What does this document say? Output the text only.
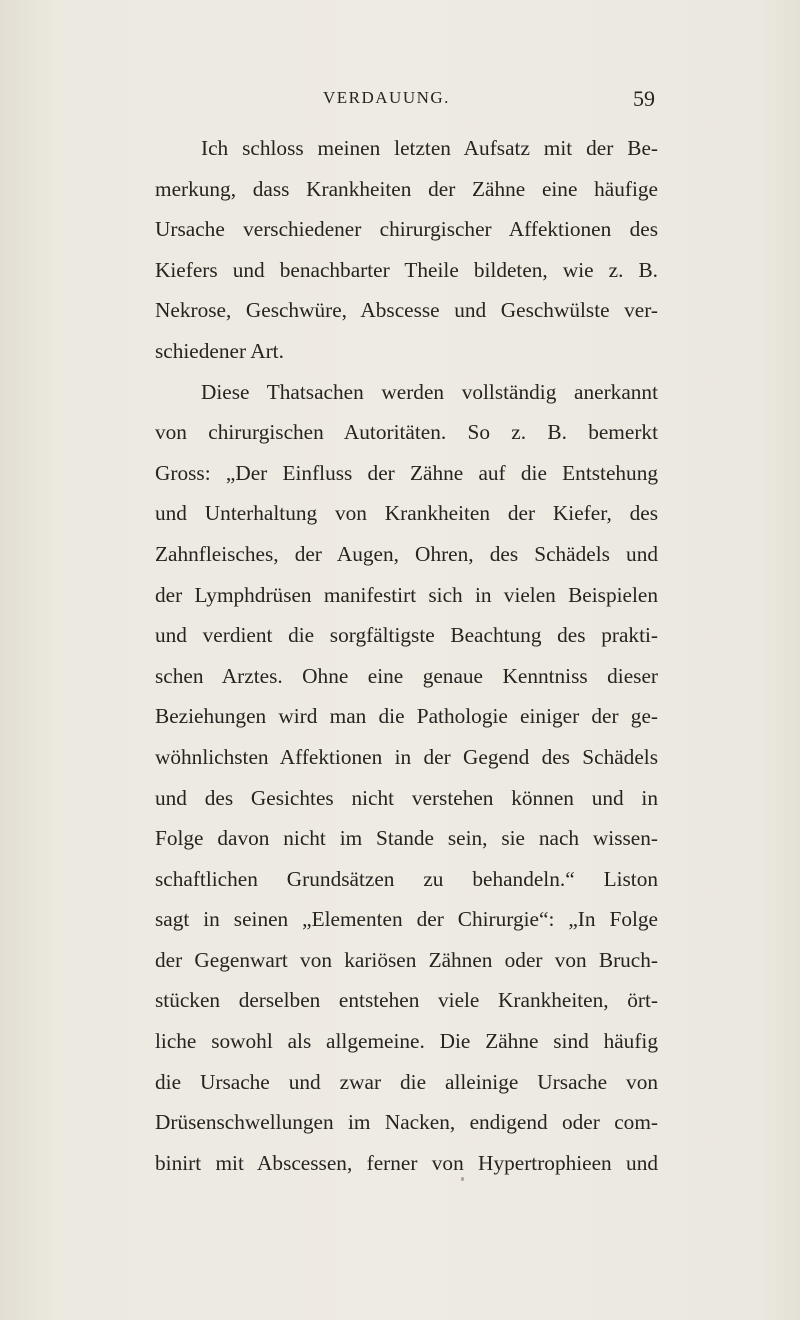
VERDAUUNG.	59
Ich schloss meinen letzten Aufsatz mit der Be-
merkung, dass Krankheiten der Zähne eine häufige
Ursache verschiedener chirurgischer Affektionen des
Kiefers und benachbarter Theile bildeten, wie z. B.
Nekrose, Geschwüre, Abscesse und Geschwülste ver-
schiedener Art.
Diese Thatsachen werden vollständig anerkannt
von chirurgischen Autoritäten. So z. B. bemerkt
Gross: „Der Einfluss der Zähne auf die Entstehung
und Unterhaltung von Krankheiten der Kiefer, des
Zahnfleisches, der Augen, Ohren, des Schädels und
der Lymphdrüsen manifestirt sich in vielen Beispielen
und verdient die sorgfältigste Beachtung des prakti-
schen Arztes. Ohne eine genaue Kenntniss dieser
Beziehungen wird man die Pathologie einiger der ge-
wöhnlichsten Affektionen in der Gegend des Schädels
und des Gesichtes nicht verstehen können und in
Folge davon nicht im Stande sein, sie nach wissen-
schaftlichen Grundsätzen zu behandeln.“ Liston
sagt in seinen „Elementen der Chirurgie“: „In Folge
der Gegenwart von kariösen Zähnen oder von Bruch-
stücken derselben entstehen viele Krankheiten, ört-
liche sowohl als allgemeine. Die Zähne sind häufig
die Ursache und zwar die alleinige Ursache von
Drüsenschwellungen im Nacken, endigend oder com-
binirt mit Abscessen, ferner von Hypertrophieen und
